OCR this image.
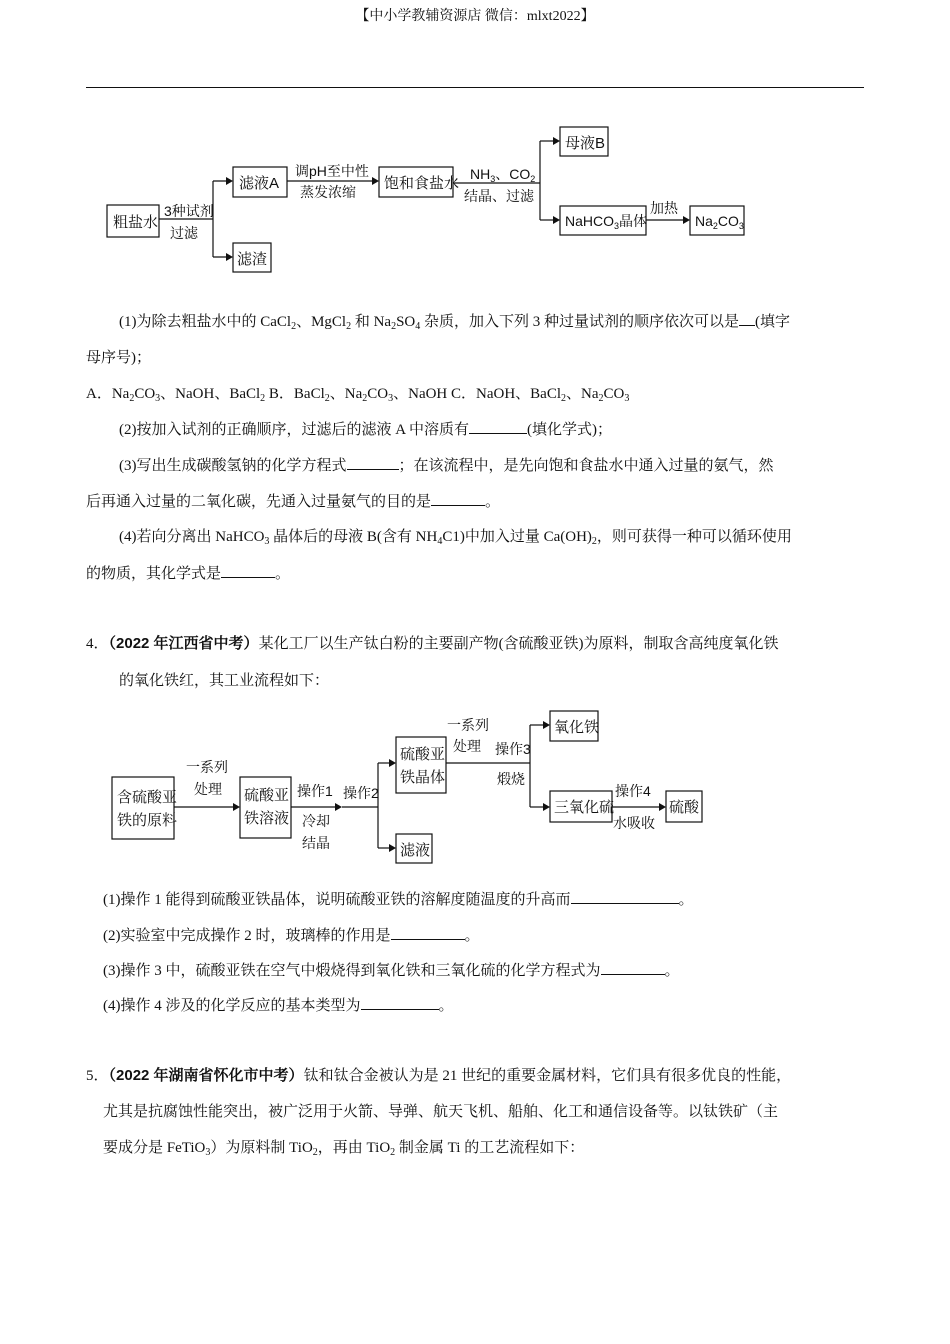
【中小学教辅资源店 微信：mlxt2022】
粗盐水
3种试剂
过滤
滤液A
滤渣
调pH至中性
蒸发浓缩 饱和食盐水
$NH_3$、$CO_2$
结晶、过滤
母液B
NaHCO$_3$晶体
加热
$Na_2CO_3$
(1)为除去粗盐水中的 CaCl$_2$、MgCl$_2$ 和 $Na_2SO_4$ 杂质，加入下列 3 种过量试剂的顺序依次可以是 (填字
母序号)；
A．$Na_2CO_3$、NaOH、BaCl$_2$ B．BaCl$_2$、$Na_2CO_3$、NaOH C．NaOH、BaCl$_2$、$Na_2CO_3$
(2)按加入试剂的正确顺序，过滤后的滤液 A 中溶质有	(填化学式)；
(3)写出生成碳酸氢钠的化学方程式	；在该流程中，是先向饱和食盐水中通入过量的氨气，然
后再通入过量的二氧化碳，先通入过量氨气的目的是	。
(4)若向分离出 NaHCO$_3$ 晶体后的母液 B(含有 $NH_4C1$)中加入过量 $Ca(OH)_2$，则可获得一种可以循环使用
的物质，其化学式是	。
4．（2022 年江西省中考）某化工厂以生产钛白粉的主要副产物(含硫酸亚铁)为原料，制取含高纯度氧化铁
的氧化铁红，其工业流程如下：
含硫酸亚
铁的原料
一系列
处理 硫酸亚
铁溶液
操作1
冷却
结晶
操作2
硫酸亚
铁晶体
滤液
一系列
处理 操作3
煅烧
氧化铁
三氧化硫
操作4
水吸收
硫酸
(1)操作 1 能得到硫酸亚铁晶体，说明硫酸亚铁的溶解度随温度的升高而	。
(2)实验室中完成操作 2 时，玻璃棒的作用是	。
(3)操作 3 中，硫酸亚铁在空气中煅烧得到氧化铁和三氧化硫的化学方程式为	。
(4)操作 4 涉及的化学反应的基本类型为	。
5．（2022 年湖南省怀化市中考）钛和钛合金被认为是 21 世纪的重要金属材料，它们具有很多优良的性能，
尤其是抗腐蚀性能突出，被广泛用于火箭、导弹、航天飞机、船舶、化工和通信设备等。以钛铁矿（主
要成分是 FeTiO$_3$）为原料制 TiO$_2$，再由 TiO$_2$ 制金属 Ti 的工艺流程如下：
